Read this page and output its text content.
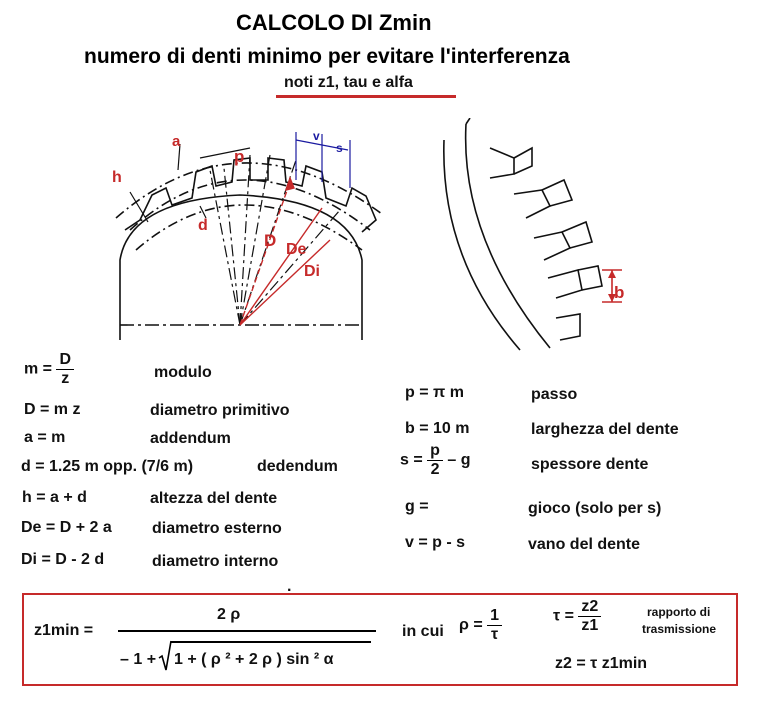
CALCOLO DI Zmin
numero di denti minimo per evitare l'interferenza
noti z1, tau e alfa
a
p
h
d
v
s
D De
Di
b
$m = \frac{D}{z}$	modulo
D = m z	diametro primitivo
a = m	addendum
d = 1.25 m opp. (7/6 m)	dedendum
h = a + d	altezza del dente
De = D + 2 a	diametro esterno
Di = D - 2 d	diametro interno
p = π m	passo
b = 10 m	larghezza del dente
$s = \frac{p}{2} - g$	spessore dente
g =	gioco (solo per s)
v = p - s	vano del dente
·
z1min =
2 ρ
– 1 + 1 + ( ρ ² + 2 ρ ) sin ² α
in cui $\rho = \frac{1}{\tau}$	$\tau = \frac{z2}{z1}$	rapporto di
trasmissione
z2 = τ z1min
